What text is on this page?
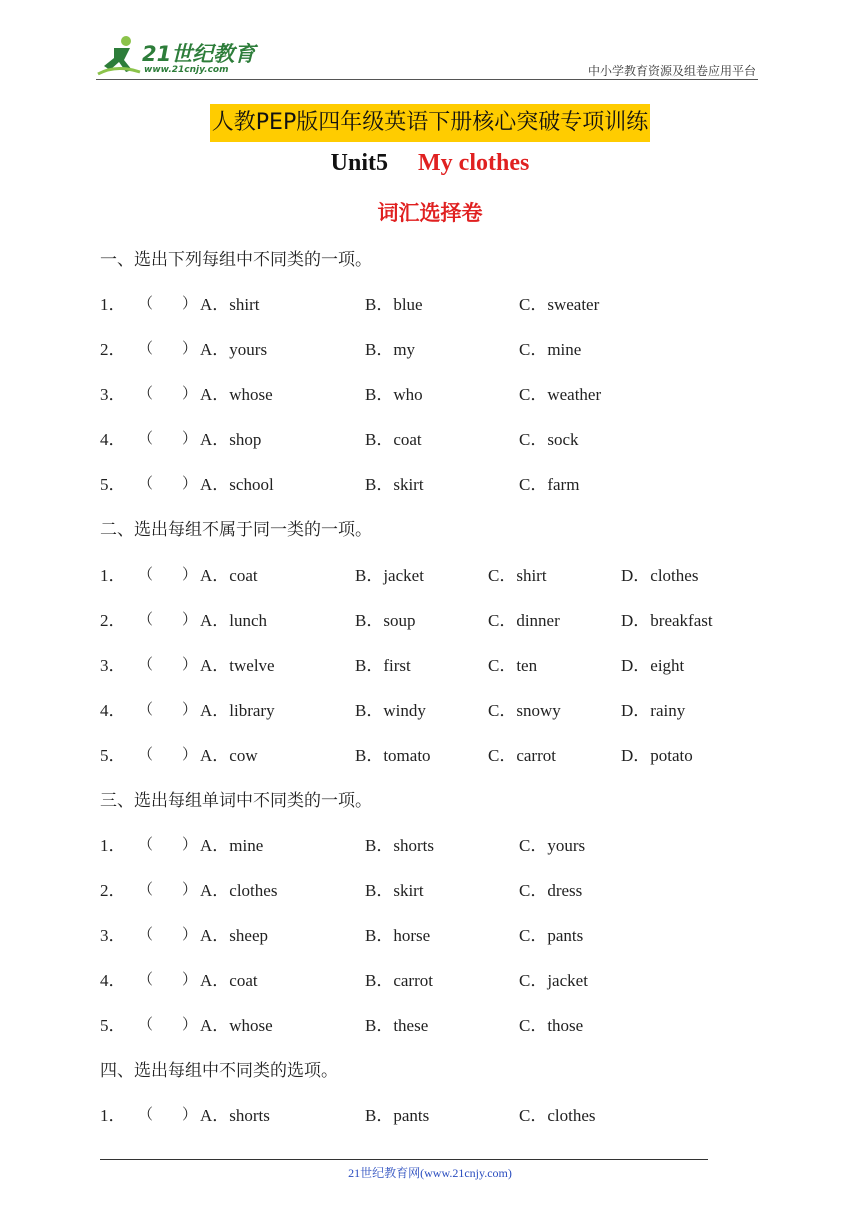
21世纪教育
www.21cnjy.com	中小学教育资源及组卷应用平台
人教PEP版四年级英语下册核心突破专项训练
Unit5 My clothes
词汇选择卷
一、选出下列每组中不同类的一项。
1． （ ） A．shirt	B．blue	C．sweater
2． （ ） A．yours	B．my	C．mine
3． （ ） A．whose	B．who	C．weather
4． （ ） A．shop	B．coat	C．sock
5． （ ） A．school	B．skirt	C．farm
二、选出每组不属于同一类的一项。
1． （ ） A．coat	B．jacket	C．shirt	D．clothes
2． （ ） A．lunch	B．soup	C．dinner	D．breakfast
3． （ ） A．twelve	B．first	C．ten	D．eight
4． （ ） A．library	B．windy	C．snowy	D．rainy
5． （ ） A．cow	B．tomato	C．carrot	D．potato
三、选出每组单词中不同类的一项。
1． （ ） A．mine	B．shorts	C．yours
2． （ ） A．clothes	B．skirt	C．dress
3． （ ） A．sheep	B．horse	C．pants
4． （ ） A．coat	B．carrot	C．jacket
5． （ ） A．whose	B．these	C．those
四、选出每组中不同类的选项。
1． （ ） A．shorts	B．pants	C．clothes
21世纪教育网(www.21cnjy.com)
